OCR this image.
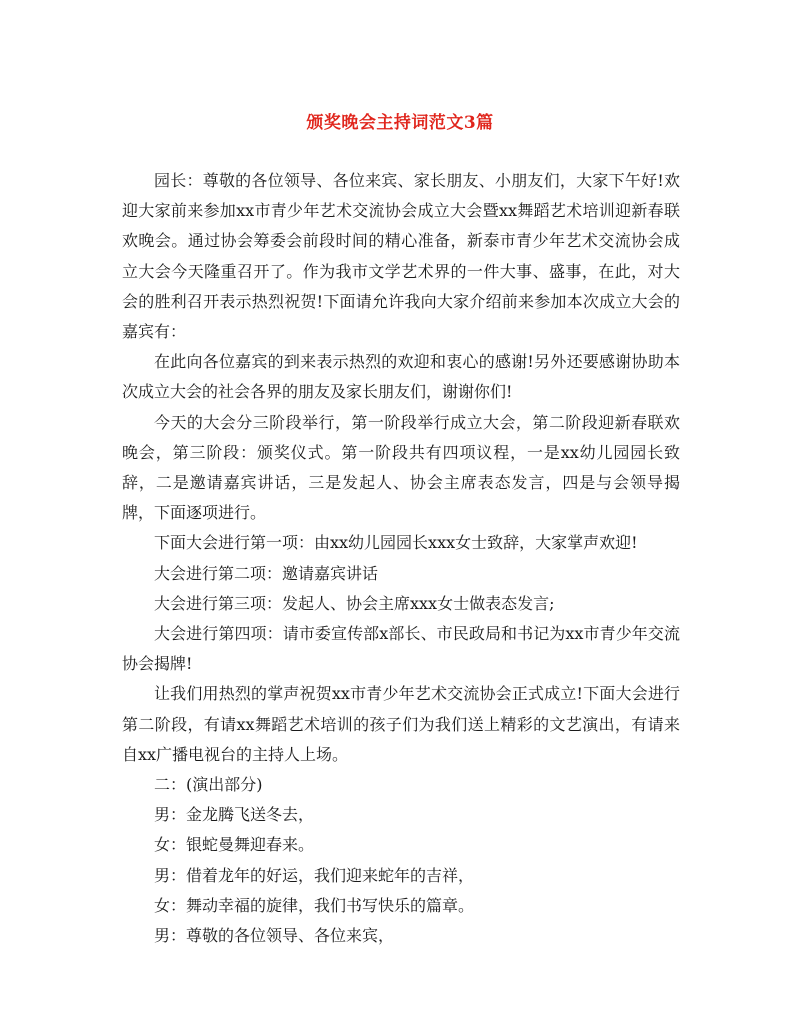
颁奖晚会主持词范文3篇

园长：尊敬的各位领导、各位来宾、家长朋友、小朋友们，大家下午好!欢迎大家前来参加xx市青少年艺术交流协会成立大会暨xx舞蹈艺术培训迎新春联欢晚会。通过协会筹委会前段时间的精心准备，新泰市青少年艺术交流协会成立大会今天隆重召开了。作为我市文学艺术界的一件大事、盛事，在此，对大会的胜利召开表示热烈祝贺!下面请允许我向大家介绍前来参加本次成立大会的嘉宾有：

在此向各位嘉宾的到来表示热烈的欢迎和衷心的感谢!另外还要感谢协助本次成立大会的社会各界的朋友及家长朋友们，谢谢你们!

今天的大会分三阶段举行，第一阶段举行成立大会，第二阶段迎新春联欢晚会，第三阶段：颁奖仪式。第一阶段共有四项议程，一是xx幼儿园园长致辞，二是邀请嘉宾讲话，三是发起人、协会主席表态发言，四是与会领导揭牌，下面逐项进行。

下面大会进行第一项：由xx幼儿园园长xxx女士致辞，大家掌声欢迎!

大会进行第二项：邀请嘉宾讲话

大会进行第三项：发起人、协会主席xxx女士做表态发言;

大会进行第四项：请市委宣传部x部长、市民政局和书记为xx市青少年交流协会揭牌!

让我们用热烈的掌声祝贺xx市青少年艺术交流协会正式成立!下面大会进行第二阶段，有请xx舞蹈艺术培训的孩子们为我们送上精彩的文艺演出，有请来自xx广播电视台的主持人上场。

二：(演出部分)

男：金龙腾飞送冬去，

女：银蛇曼舞迎春来。

男：借着龙年的好运，我们迎来蛇年的吉祥，

女：舞动幸福的旋律，我们书写快乐的篇章。

男：尊敬的各位领导、各位来宾，
